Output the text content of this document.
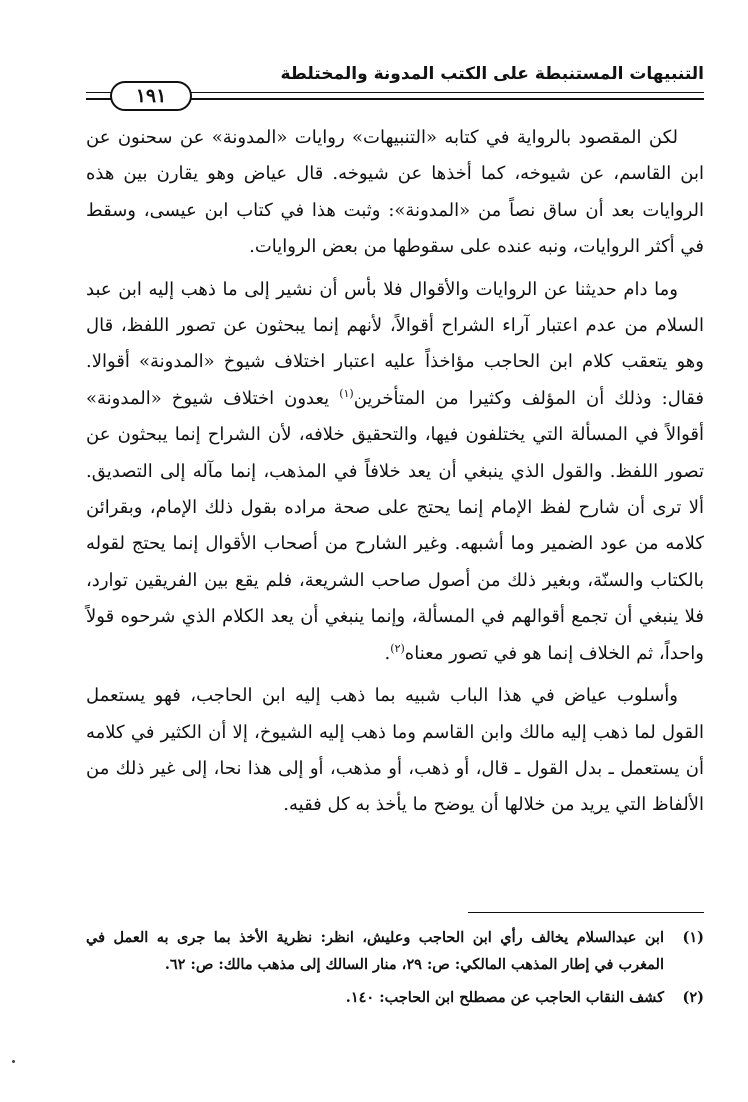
التنبيهات المستنبطة على الكتب المدونة والمختلطة
١٩١

لكن المقصود بالرواية في كتابه «التنبيهات» روايات «المدونة» عن سحنون عن ابن القاسم، عن شيوخه، كما أخذها عن شيوخه. قال عياض وهو يقارن بين هذه الروايات بعد أن ساق نصاً من «المدونة»: وثبت هذا في كتاب ابن عيسى، وسقط في أكثر الروايات، ونبه عنده على سقوطها من بعض الروايات.

وما دام حديثنا عن الروايات والأقوال فلا بأس أن نشير إلى ما ذهب إليه ابن عبد السلام من عدم اعتبار آراء الشراح أقوالاً، لأنهم إنما يبحثون عن تصور اللفظ، قال وهو يتعقب كلام ابن الحاجب مؤاخذاً عليه اعتبار اختلاف شيوخ «المدونة» أقوالا. فقال: وذلك أن المؤلف وكثيرا من المتأخرين$^{(١)}$ يعدون اختلاف شيوخ «المدونة» أقوالاً في المسألة التي يختلفون فيها، والتحقيق خلافه، لأن الشراح إنما يبحثون عن تصور اللفظ. والقول الذي ينبغي أن يعد خلافاً في المذهب، إنما مآله إلى التصديق. ألا ترى أن شارح لفظ الإمام إنما يحتج على صحة مراده بقول ذلك الإمام، وبقرائن كلامه من عود الضمير وما أشبهه. وغير الشارح من أصحاب الأقوال إنما يحتج لقوله بالكتاب والسنّة، وبغير ذلك من أصول صاحب الشريعة، فلم يقع بين الفريقين توارد، فلا ينبغي أن تجمع أقوالهم في المسألة، وإنما ينبغي أن يعد الكلام الذي شرحوه قولاً واحداً، ثم الخلاف إنما هو في تصور معناه$^{(٢)}$.

وأسلوب عياض في هذا الباب شبيه بما ذهب إليه ابن الحاجب، فهو يستعمل القول لما ذهب إليه مالك وابن القاسم وما ذهب إليه الشيوخ، إلا أن الكثير في كلامه أن يستعمل ـ بدل القول ـ قال، أو ذهب، أو مذهب، أو إلى هذا نحا، إلى غير ذلك من الألفاظ التي يريد من خلالها أن يوضح ما يأخذ به كل فقيه.

(١)
ابن عبدالسلام يخالف رأي ابن الحاجب وعليش، انظر: نظرية الأخذ بما جرى به العمل في المغرب في إطار المذهب المالكي: ص: ٢٩، منار السالك إلى مذهب مالك: ص: ٦٢.
(٢)
كشف النقاب الحاجب عن مصطلح ابن الحاجب: ١٤٠.
